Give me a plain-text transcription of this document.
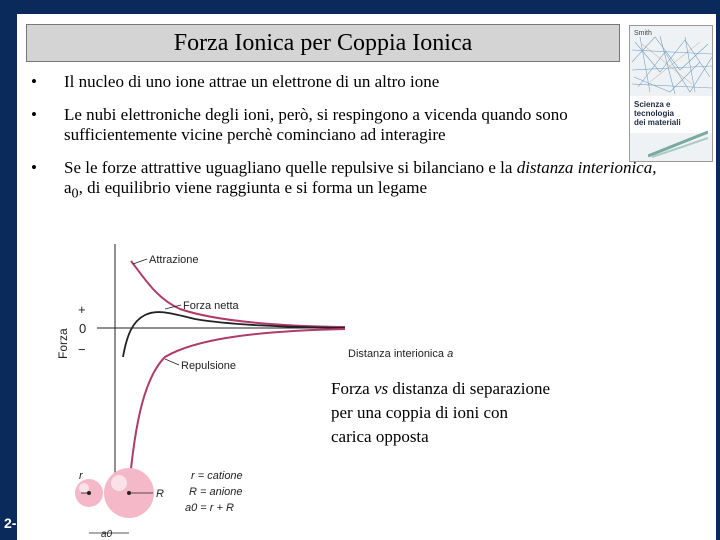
Forza Ionica per Coppia Ionica	Smith
Scienza e tecnologia
dei materiali
• Il nucleo di uno ione attrae un elettrone di un altro ione
• Le nubi elettroniche degli ioni, però, si respingono a vicenda quando sono sufficientemente vicine perchè cominciano ad interagire
• Se le forze attrattive uguagliano quelle repulsive si bilanciano e la distanza interionica, $a_0$, di equilibrio viene raggiunta e si forma un legame
Forza
+
0
−
Attrazione
Forza netta
Repulsione
Distanza interionica a
r
R
a0
r = catione
R = anione
a0 = r + R
Forza vs distanza di separazione
per una coppia di ioni con
carica opposta
2-35	w-Hill Education (Italy) srl
